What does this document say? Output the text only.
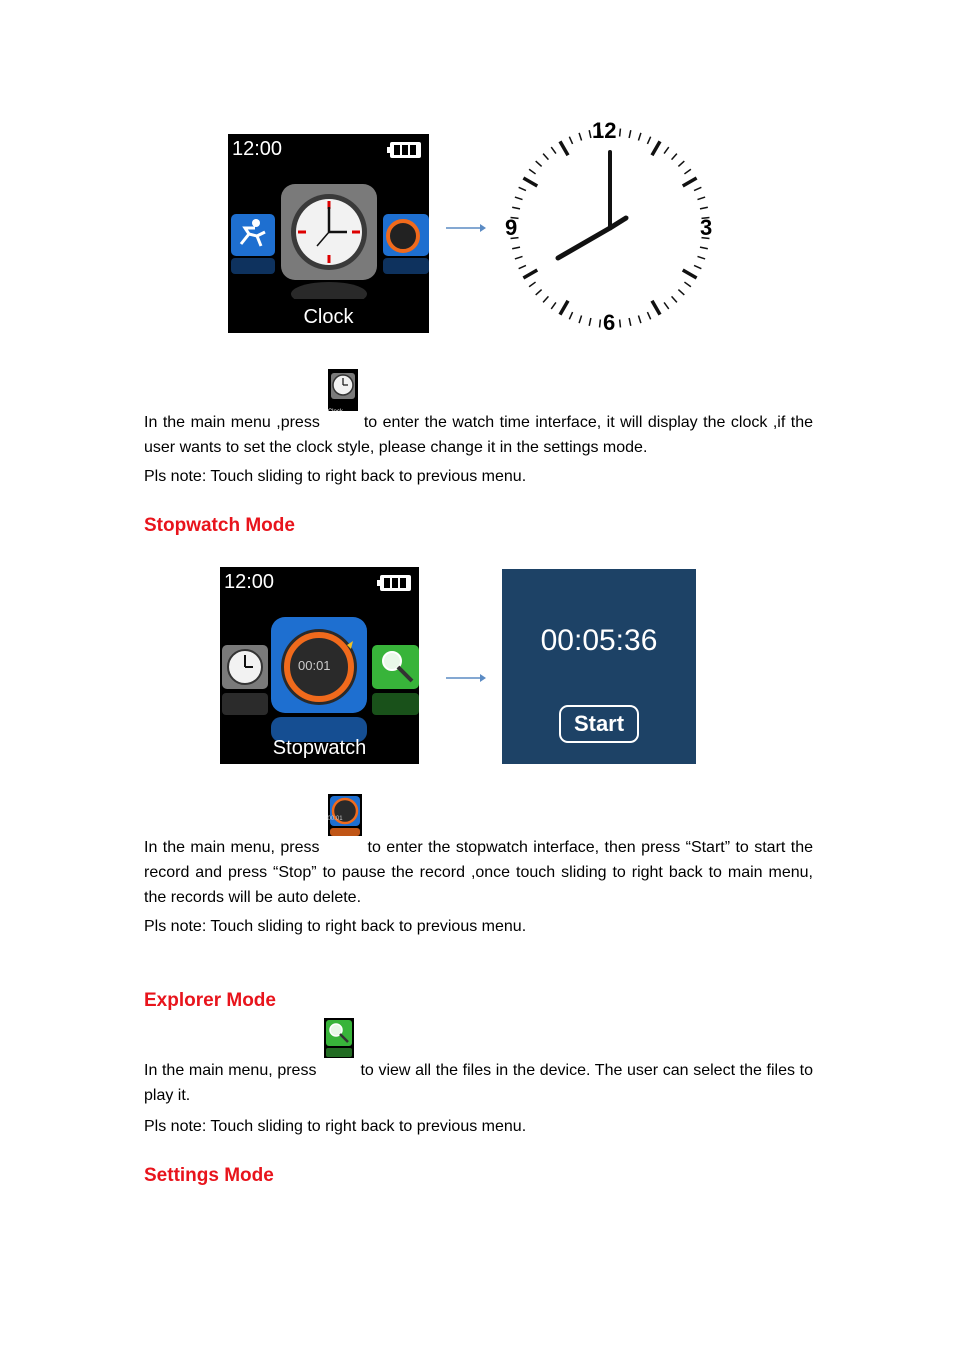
12:00
Clock
12
3
6
9
In the main menu ,press
Clock
to enter the watch time interface, it will display the clock ,if the user wants to set the clock style, please change it in the settings mode.
Pls note: Touch sliding to right back to previous menu.
Stopwatch Mode
12:00
00:01
Stopwatch
00:05:36
Start
In the main menu, press
00:01
to enter the stopwatch interface, then press “Start” to start the record and press “Stop” to pause the record ,once touch sliding to right back to main menu, the records will be auto delete.
Pls note: Touch sliding to right back to previous menu.
Explorer Mode
In the main menu, press
Explorer
to view all the files in the device. The user can select the files to play it.
Pls note: Touch sliding to right back to previous menu.
Settings Mode
